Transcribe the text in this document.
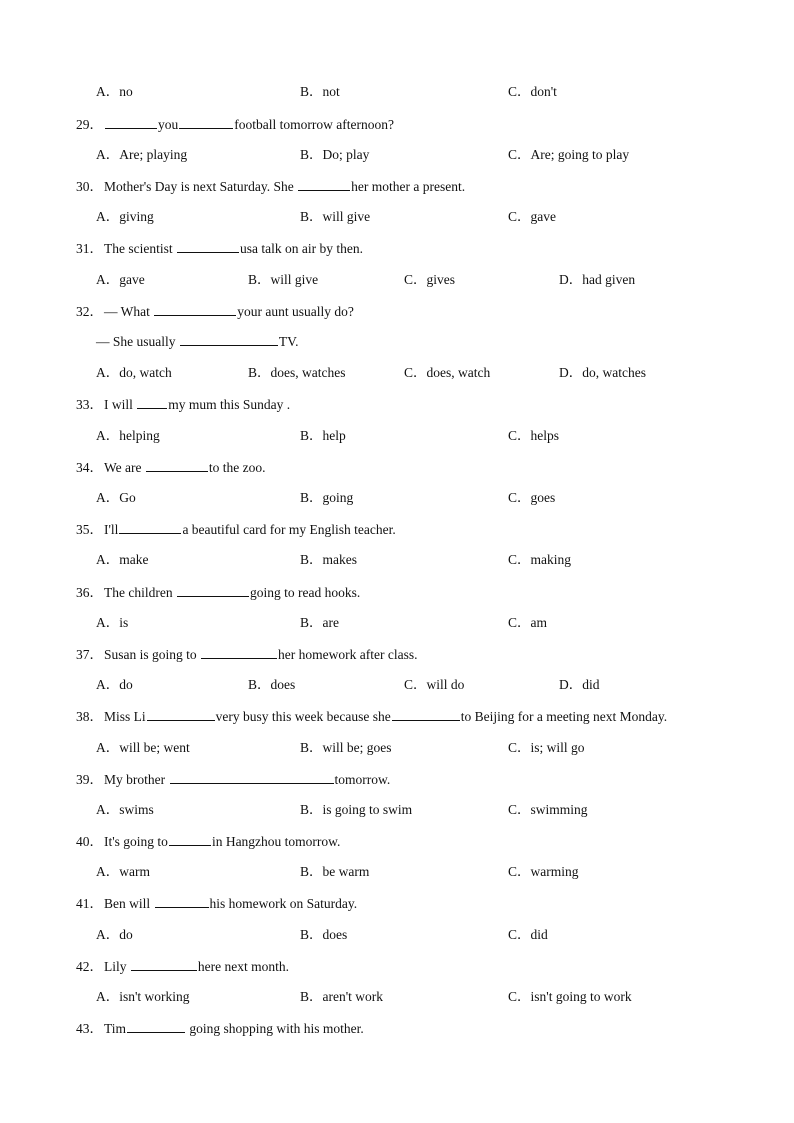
A．no	B．not	C．don't
29．	you	football tomorrow afternoon?
A．Are; playing	B．Do; play	C．Are; going to play
30．Mother's Day is next Saturday. She	her mother a present.
A．giving	B．will give	C．gave
31．The scientist	usa talk on air by then.
A．gave	B．will give	C．gives	D．had given
32．— What	your aunt usually do?
— She usually	TV.
A．do, watch	B．does, watches	C．does, watch	D．do, watches
33．I will my mum this Sunday .
A．helping	B．help	C．helps
34．We are	to the zoo.
A．Go	B．going	C．goes
35．I'll	a beautiful card for my English teacher.
A．make	B．makes	C．making
36．The children	going to read hooks.
A．is	B．are	C．am
37．Susan is going to	her homework after class.
A．do	B．does	C．will do	D．did
38．Miss Li	very busy this week because she	to Beijing for a meeting next Monday.
A．will be; went	B．will be; goes	C．is; will go
39．My brother	tomorrow.
A．swims	B．is going to swim	C．swimming
40．It's going to	in Hangzhou tomorrow.
A．warm	B．be warm	C．warming
41．Ben will	his homework on Saturday.
A．do	B．does	C．did
42．Lily	here next month.
A．isn't working	B．aren't work	C．isn't going to work
43．Tim	going shopping with his mother.
